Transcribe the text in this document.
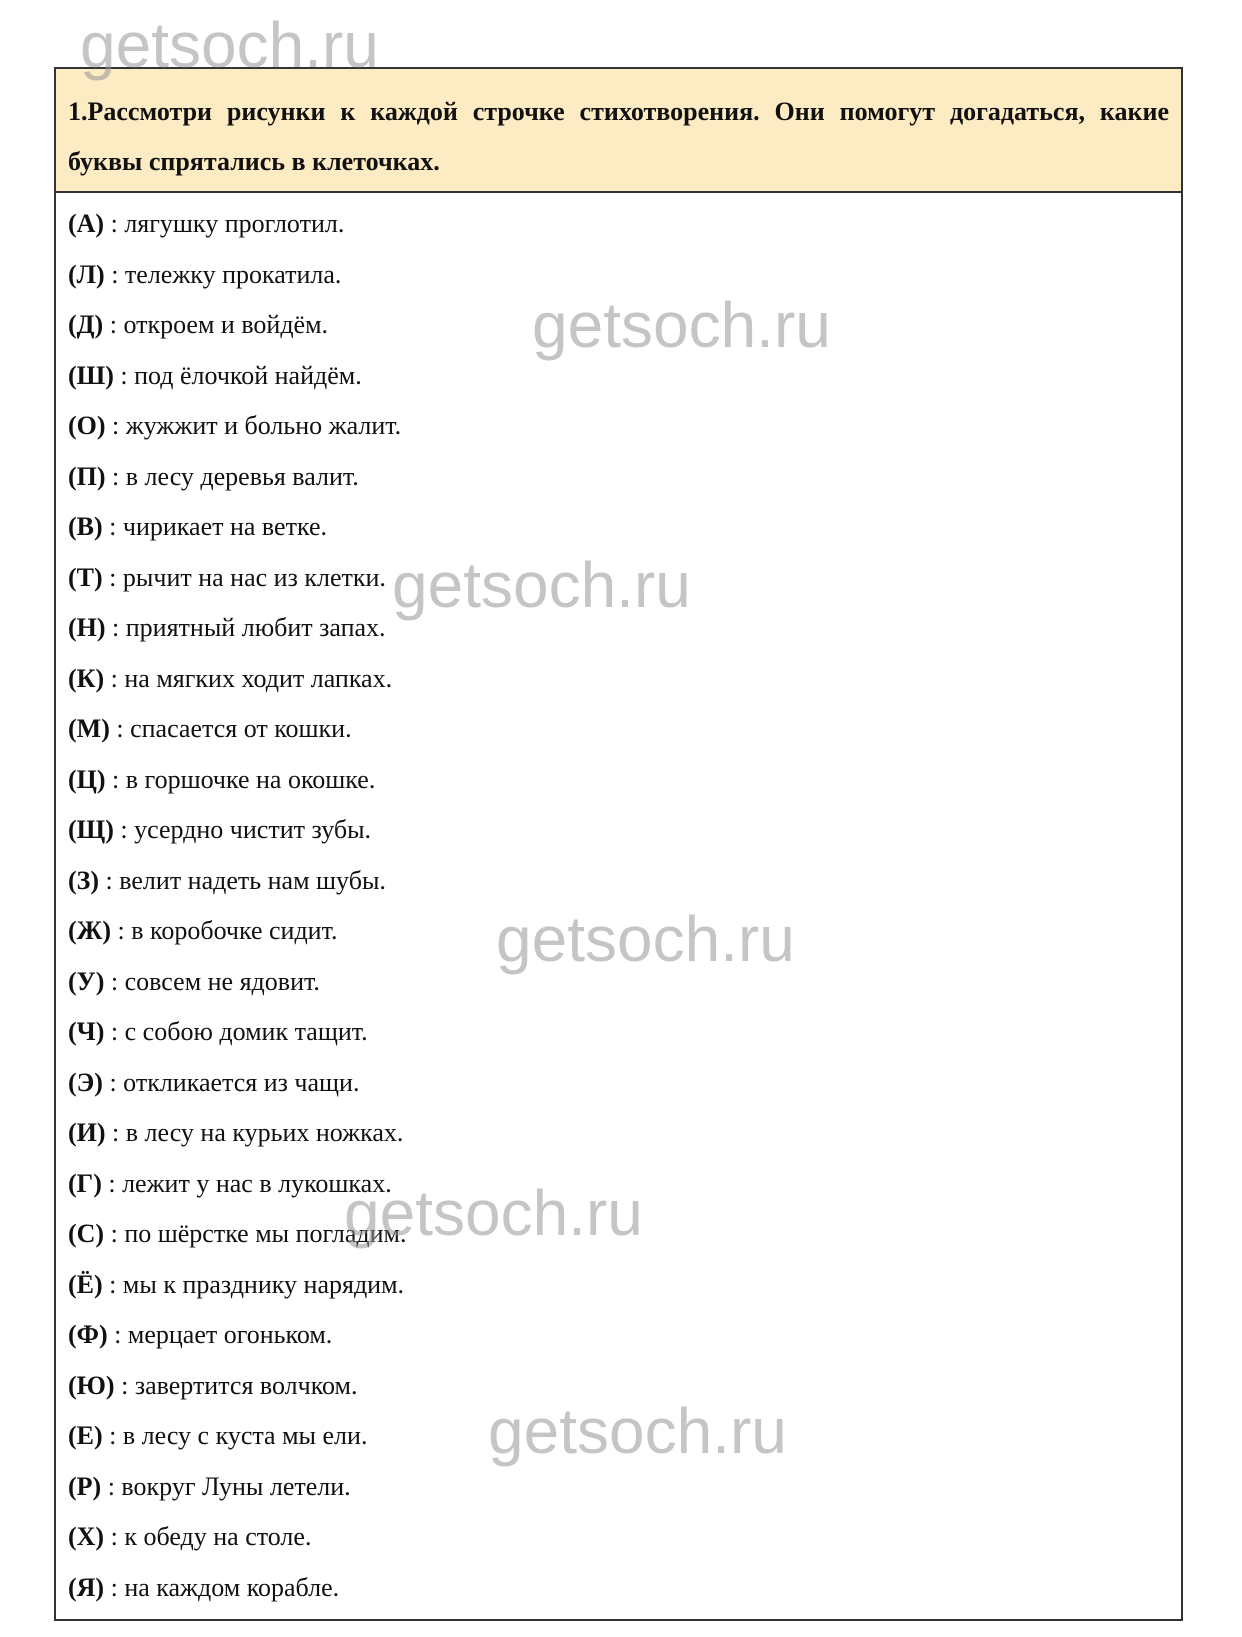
getsoch.ru

1.Рассмотри рисунки к каждой строчке стихотворения. Они помогут догадаться, какие буквы спрятались в клеточках.

(А) : лягушку проглотил.
(Л) : тележку прокатила.
(Д) : откроем и войдём.
(Ш) : под ёлочкой найдём.
(О) : жужжит и больно жалит.
(П) : в лесу деревья валит.
(В) : чирикает на ветке.
(Т) : рычит на нас из клетки.
(Н) : приятный любит запах.
(К) : на мягких ходит лапках.
(М) : спасается от кошки.
(Ц) : в горшочке на окошке.
(Щ) : усердно чистит зубы.
(З) : велит надеть нам шубы.
(Ж) : в коробочке сидит.
(У) : совсем не ядовит.
(Ч) : с собою домик тащит.
(Э) : откликается из чащи.
(И) : в лесу на курьих ножках.
(Г) : лежит у нас в лукошках.
(С) : по шёрстке мы погладим.
(Ё) : мы к празднику нарядим.
(Ф) : мерцает огоньком.
(Ю) : завертится волчком.
(Е) : в лесу с куста мы ели.
(Р) : вокруг Луны летели.
(Х) : к обеду на столе.
(Я) : на каждом корабле.
getsoch.ru
getsoch.ru
getsoch.ru
getsoch.ru
getsoch.ru
